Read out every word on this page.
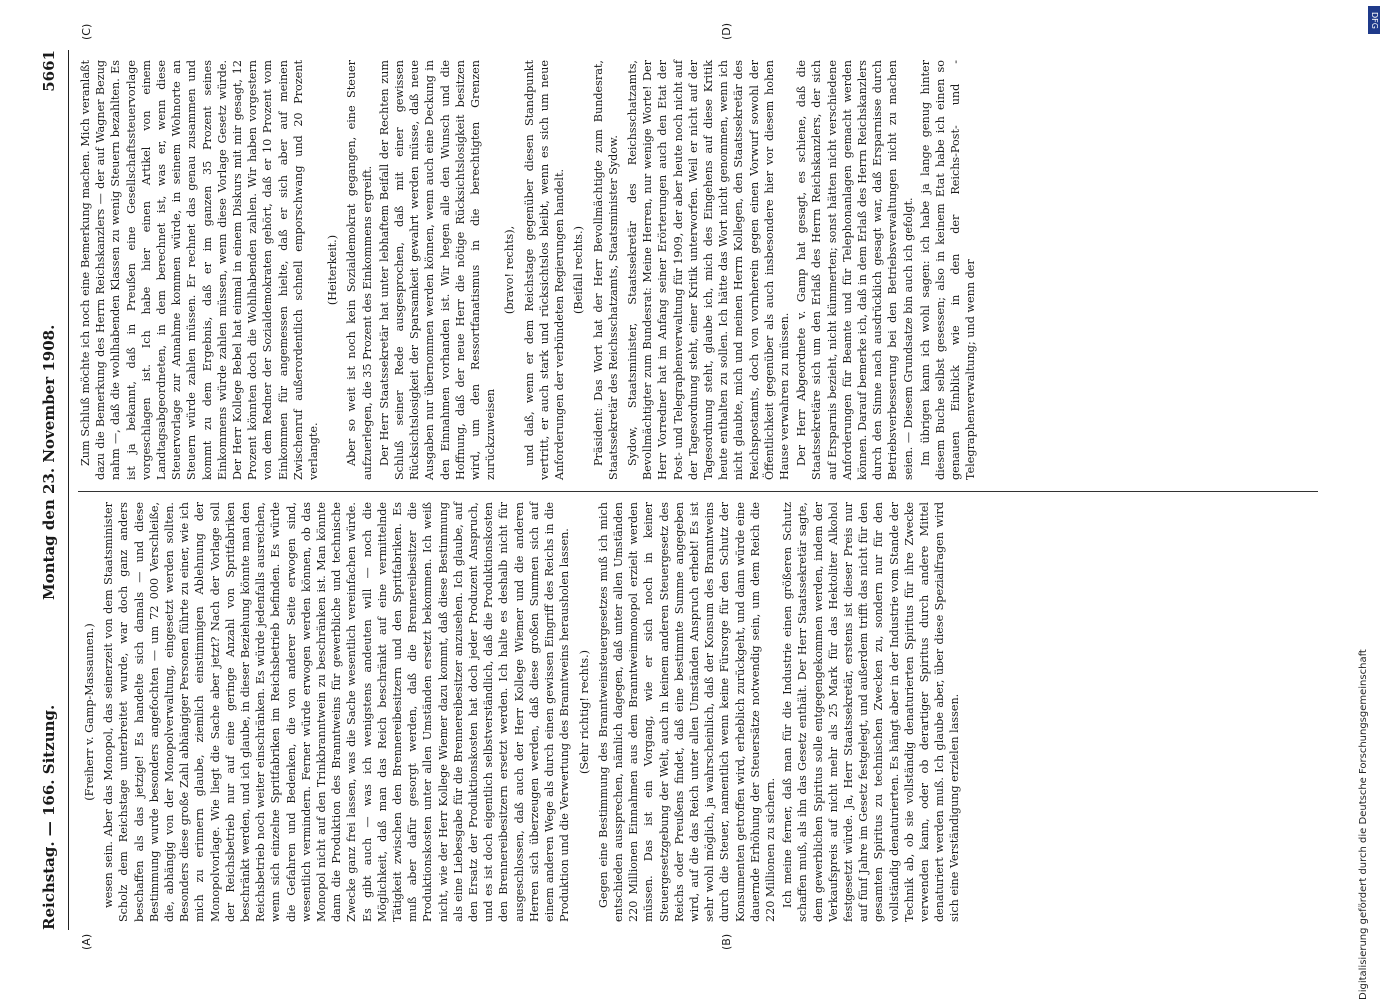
Reichstag. — 166. Sitzung.
Montag den 23. November 1908.
5661
(A)	(B)
(C)	(D)

(Freiherr v. Gamp-Massaunen.) wesen sein. Aber das Monopol, das seinerzeit von dem Staatsminister Scholz dem Reichstage unterbreitet wurde, war doch ganz anders beschaffen als das jetzige! Es handelte sich damals — und diese Bestimmung wurde besonders angefochten — um 72 000 Verschleiße, die, abhängig von der Monopolverwaltung, eingesetzt werden sollten. Besonders diese große Zahl abhängiger Personen führte zu einer, wie ich mich zu erinnern glaube, ziemlich einstimmigen Ablehnung der Monopolvorlage. Wie liegt die Sache aber jetzt? Nach der Vorlage soll der Reichsbetrieb nur auf eine geringe Anzahl von Spritfabriken beschränkt werden, und ich glaube, in dieser Beziehung könnte man den Reichsbetrieb noch weiter einschränken. Es würde jedenfalls ausreichen, wenn sich einzelne Spritfabriken im Reichsbetrieb befinden. Es würde die Gefahren und Bedenken, die von anderer Seite erwogen sind, wesentlich vermindern. Ferner würde erwogen werden können, ob das Monopol nicht auf den Trinkbranntwein zu beschränken ist. Man könnte dann die Produktion des Branntweins für gewerbliche und technische Zwecke ganz frei lassen, was die Sache wesentlich vereinfachen würde. Es gibt auch — was ich wenigstens andeuten will — noch die Möglichkeit, daß man das Reich beschränkt auf eine vermittelnde Tätigkeit zwischen den Brennereibesitzern und den Spritfabriken. Es muß aber dafür gesorgt werden, daß die Brennereibesitzer die Produktionskosten unter allen Umständen ersetzt bekommen. Ich weiß nicht, wie der Herr Kollege Wiemer dazu kommt, daß diese Bestimmung als eine Liebesgabe für die Brennereibesitzer anzusehen. Ich glaube, auf den Ersatz der Produktionskosten hat doch jeder Produzent Anspruch, und es ist doch eigentlich selbstverständlich, daß die Produktionskosten den Brennereibesitzern ersetzt werden. Ich halte es deshalb nicht für ausgeschlossen, daß auch der Herr Kollege Wiemer und die anderen Herren sich überzeugen werden, daß diese großen Summen sich auf einem anderen Wege als durch einen gewissen Eingriff des Reichs in die Produktion und die Verwertung des Branntweins herausholen lassen. (Sehr richtig! rechts.) Gegen eine Bestimmung des Branntweinsteuergesetzes muß ich mich entschieden aussprechen, nämlich dagegen, daß unter allen Umständen 220 Millionen Einnahmen aus dem Branntweinmonopol erzielt werden müssen. Das ist ein Vorgang, wie er sich noch in keiner Steuergesetzgebung der Welt, auch in keinem anderen Steuergesetz des Reichs oder Preußens findet, daß eine bestimmte Summe angegeben wird, auf die das Reich unter allen Umständen Anspruch erhebt! Es ist sehr wohl möglich, ja wahrscheinlich, daß der Konsum des Branntweins durch die Steuer, namentlich wenn keine Fürsorge für den Schutz der Konsumenten getroffen wird, erheblich zurückgeht, und dann würde eine dauernde Erhöhung der Steuersätze notwendig sein, um dem Reich die 220 Millionen zu sichern. Ich meine ferner, daß man für die Industrie einen größeren Schutz schaffen muß, als ihn das Gesetz enthält. Der Herr Staatssekretär sagte, dem gewerblichen Spiritus solle entgegengekommen werden, indem der Verkaufspreis auf nicht mehr als 25 Mark für das Hektoliter Alkohol festgesetzt würde. Ja, Herr Staatssekretär, erstens ist dieser Preis nur auf fünf Jahre im Gesetz festgelegt, und außerdem trifft das nicht für den gesamten Spiritus zu technischen Zwecken zu, sondern nur für den vollständig denaturierten. Es hängt aber in der Industrie vom Stande der Technik ab, ob sie vollständig denaturierten Spiritus für ihre Zwecke verwenden kann, oder ob derartiger Spiritus durch andere Mittel denaturiert werden muß. Ich glaube aber, über diese Spezialfragen wird sich eine Verständigung erzielen lassen.

Zum Schluß möchte ich noch eine Bemerkung machen. Mich veranlaßt dazu die Bemerkung des Herrn Reichskanzlers — der auf Wagner Bezug nahm —, daß die wohlhabenden Klassen zu wenig Steuern bezahlten. Es ist ja bekannt, daß in Preußen eine Gesellschaftssteuervorlage vorgeschlagen ist. Ich habe hier einen Artikel von einem Landtagsabgeordneten, in dem berechnet ist, was er, wenn diese Steuervorlage zur Annahme kommen würde, in seinem Wohnorte an Steuern würde zahlen müssen. Er rechnet das genau zusammen und kommt zu dem Ergebnis, daß er im ganzen 35 Prozent seines Einkommens würde zahlen müssen, wenn diese Vorlage Gesetz würde. Der Herr Kollege Bebel hat einmal in einem Diskurs mit mir gesagt, 12 Prozent könnten doch die Wohlhabenden zahlen. Wir haben vorgestern von dem Redner der Sozialdemokraten gehört, daß er 10 Prozent vom Einkommen für angemessen hielte, daß er sich aber auf meinen Zwischenruf außerordentlich schnell emporschwang und 20 Prozent verlangte.

(Heiterkeit.) Aber so weit ist noch kein Sozialdemokrat gegangen, eine Steuer aufzuerlegen, die 35 Prozent des Einkommens ergreift. Der Herr Staatssekretär hat unter lebhaftem Beifall der Rechten zum Schluß seiner Rede ausgesprochen, daß mit einer gewissen Rücksichtslosigkeit der Sparsamkeit gewahrt werden müsse, daß neue Ausgaben nur übernommen werden können, wenn auch eine Deckung in den Einnahmen vorhanden ist. Wir hegen alle den Wunsch und die Hoffnung, daß der neue Herr die nötige Rücksichtslosigkeit besitzen wird, um den Ressortfanatismus in die berechtigten Grenzen zurückzuweisen

(bravo! rechts), und daß, wenn er dem Reichstage gegenüber diesen Standpunkt vertritt, er auch stark und rücksichtslos bleibt, wenn es sich um neue Anforderungen der verbündeten Regierungen handelt. (Beifall rechts.) Präsident: Das Wort hat der Herr Bevollmächtigte zum Bundesrat, Staatssekretär des Reichsschatzamts, Staatsminister Sydow. Sydow, Staatsminister, Staatssekretär des Reichsschatzamts, Bevollmächtigter zum Bundesrat: Meine Herren, nur wenige Worte! Der Herr Vorredner hat im Anfang seiner Erörterungen auch den Etat der Post- und Telegraphenverwaltung für 1909, der aber heute noch nicht auf der Tagesordnung steht, einer Kritik unterworfen. Weil er nicht auf der Tagesordnung steht, glaube ich, mich des Eingehens auf diese Kritik heute enthalten zu sollen. Ich hätte das Wort nicht genommen, wenn ich nicht glaubte, mich und meinen Herrn Kollegen, den Staatssekretär des Reichspostamts, doch von vornherein gegen einen Vorwurf sowohl der Öffentlichkeit gegenüber als auch insbesondere hier vor diesem hohen Hause verwahren zu müssen. Der Herr Abgeordnete v. Gamp hat gesagt, es schiene, daß die Staatssekretäre sich um den Erlaß des Herrn Reichskanzlers, der sich auf Ersparnis bezieht, nicht kümmerten; sonst hätten nicht verschiedene Anforderungen für Beamte und für Telephonanlagen gemacht werden können. Darauf bemerke ich, daß in dem Erlaß des Herrn Reichskanzlers durch den Sinne nach ausdrücklich gesagt war, daß Ersparnisse durch Betriebsverbesserung bei den Betriebsverwaltungen nicht zu machen seien. — Diesem Grundsatze bin auch ich gefolgt. Im übrigen kann ich wohl sagen: ich habe ja lange genug hinter diesem Buche selbst gesessen; also in keinem Etat habe ich einen so genauen Einblick wie in den der Reichs-Post- und -Telegraphenverwaltung; und wenn der

Digitalisierung gefördert durch die Deutsche Forschungsgemeinschaft
DFG
